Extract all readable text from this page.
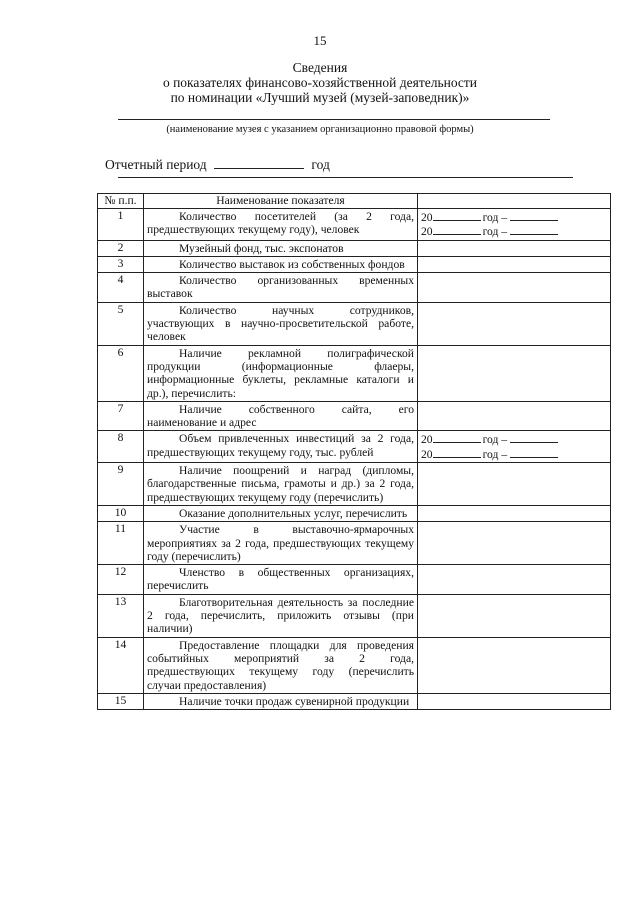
15
Сведения
о показателях финансово-хозяйственной деятельности
по номинации «Лучший музей (музей-заповедник)»
(наименование музея с указанием организационно правовой формы)
Отчетный период	год
№ п.п.	Наименование показателя	
1	Количество посетителей (за 2 года, предшествующих текущему году), человек	20 год –
20 год –

2	Музейный фонд, тыс. экспонатов	

3	Количество выставок из собственных фондов	

4	Количество организованных временных выставок	

5	Количество научных сотрудников, участвующих в научно-просветительской работе, человек	

6	Наличие рекламной полиграфической продукции (информационные флаеры, информационные буклеты, рекламные каталоги и др.), перечислить:	

7	Наличие собственного сайта, его наименование и адрес	

8	Объем привлеченных инвестиций за 2 года, предшествующих текущему году, тыс. рублей	20 год –
20 год –

9	Наличие поощрений и наград (дипломы, благодарственные письма, грамоты и др.) за 2 года, предшествующих текущему году (перечислить)	

10	Оказание дополнительных услуг, перечислить	

11	Участие в выставочно-ярмарочных мероприятиях за 2 года, предшествующих текущему году (перечислить)	

12	Членство в общественных организациях, перечислить	

13	Благотворительная деятельность за последние 2 года, перечислить, приложить отзывы (при наличии)	

14	Предоставление площадки для проведения событийных мероприятий за 2 года, предшествующих текущему году (перечислить случаи предоставления)	

15	Наличие точки продаж сувенирной продукции	
